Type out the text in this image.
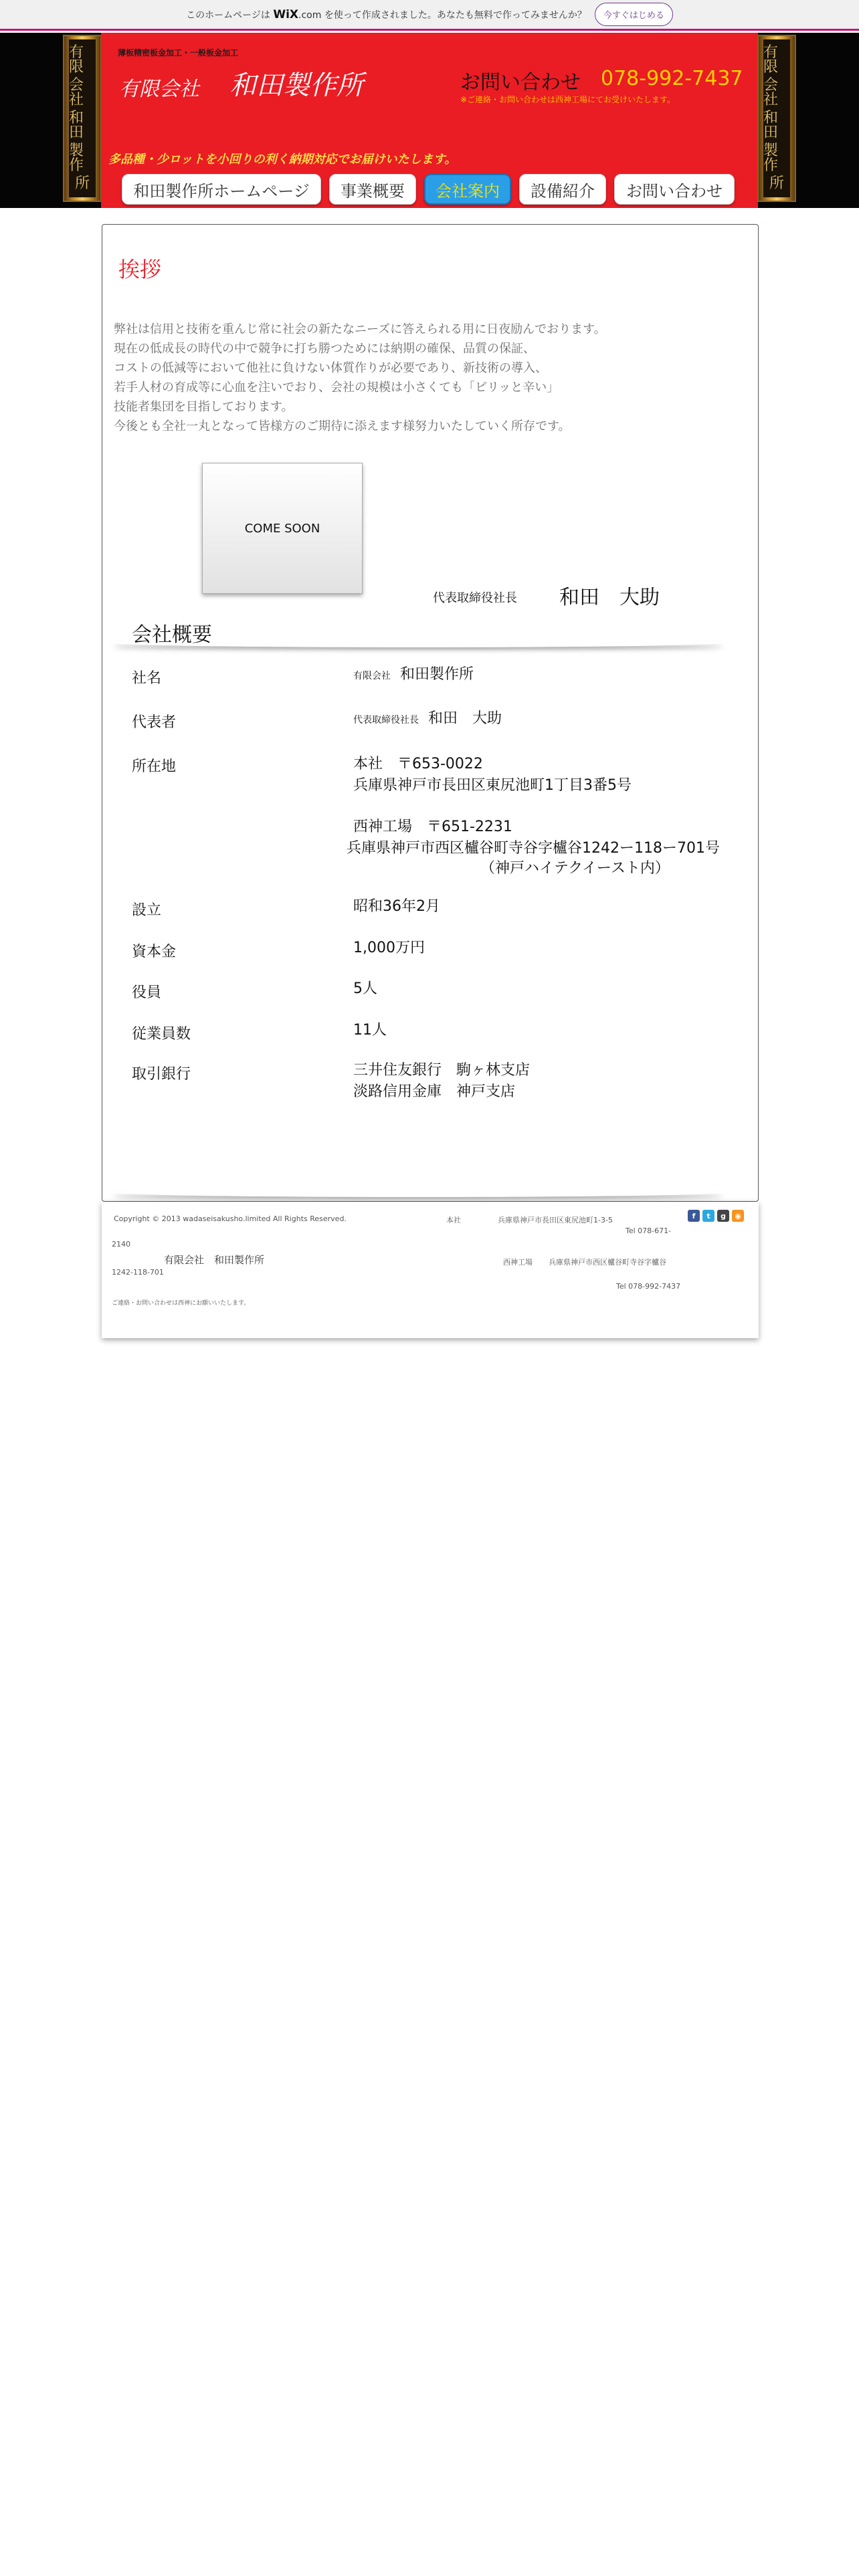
このホームページは WiX.com を使って作成されました。あなたも無料で作ってみませんか？	今すぐはじめる
有限
会社
和田
製作
所
有限
会社
和田
製作
所
薄板精密板金加工・一般板金加工
有限会社 和田製作所	お問い合わせ 078-992-7437
※ご連絡・お問い合わせは西神工場にてお受けいたします。
多品種・少ロットを小回りの利く納期対応でお届けいたします。
和田製作所ホームページ	事業概要	会社案内	設備紹介	お問い合わせ
挨拶
弊社は信用と技術を重んじ常に社会の新たなニーズに答えられる用に日夜励んでおります。
現在の低成長の時代の中で競争に打ち勝つためには納期の確保、品質の保証、
コストの低減等において他社に負けない体質作りが必要であり、新技術の導入、
若手人材の育成等に心血を注いでおり、会社の規模は小さくても「ピリッと辛い」
技能者集団を目指しております。
今後とも全社一丸となって皆様方のご期待に添えます様努力いたしていく所存です。
COME SOON
代表取締役社長 和田　大助
会社概要
社名	有限会社 和田製作所
代表者	代表取締役社長 和田　大助
所在地	本社　〒653-0022
兵庫県神戸市長田区東尻池町1丁目3番5号
西神工場　〒651-2231
兵庫県神戸市西区櫨谷町寺谷字櫨谷1242ー118ー701号
（神戸ハイテクイースト内）
設立	昭和36年2月
資本金	1,000万円
役員	5人
従業員数	11人
取引銀行	三井住友銀行　駒ヶ林支店
淡路信用金庫　神戸支店
Copyright © 2013 wadaseisakusho.limited All Rights Reserved.	本社	兵庫県神戸市長田区東尻池町1-3-5
Tel 078-671-
2140
有限会社　 和田製作所
1242-118-701
西神工場 兵庫県神戸市西区櫨谷町寺谷字櫨谷
Tel 078-992-7437
ご連絡・お問い合わせは西神にお願いいたします。
f	t	g	◉
